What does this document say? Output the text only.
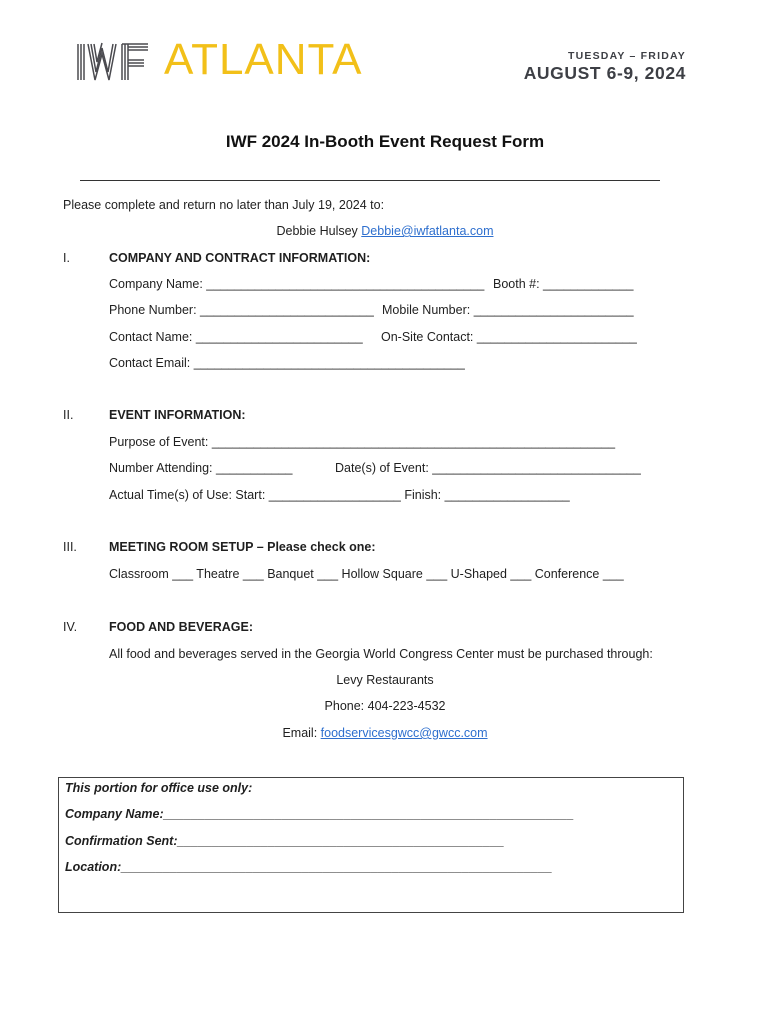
ATLANTA	TUESDAY – FRIDAY
AUGUST 6-9, 2024
IWF 2024 In-Booth Event Request Form
Please complete and return no later than July 19, 2024 to:
Debbie Hulsey Debbie@iwfatlanta.com
I.	COMPANY AND CONTRACT INFORMATION:
Company Name: ________________________________________ Booth #: _____________
Phone Number: _________________________ Mobile Number: _______________________
Contact Name: ________________________ On-Site Contact: _______________________
Contact Email: _______________________________________
II.	EVENT INFORMATION:
Purpose of Event: __________________________________________________________
Number Attending: ___________	Date(s) of Event: ______________________________
Actual Time(s) of Use: Start: ___________________ Finish: __________________
III.	MEETING ROOM SETUP – Please check one:
Classroom ___ Theatre ___ Banquet ___ Hollow Square ___ U-Shaped ___ Conference ___
IV.	FOOD AND BEVERAGE:
All food and beverages served in the Georgia World Congress Center must be purchased through:
Levy Restaurants
Phone: 404-223-4532
Email: foodservicesgwcc@gwcc.com
This portion for office use only:
Company Name:___________________________________________________________
Confirmation Sent:_______________________________________________
Location:______________________________________________________________
